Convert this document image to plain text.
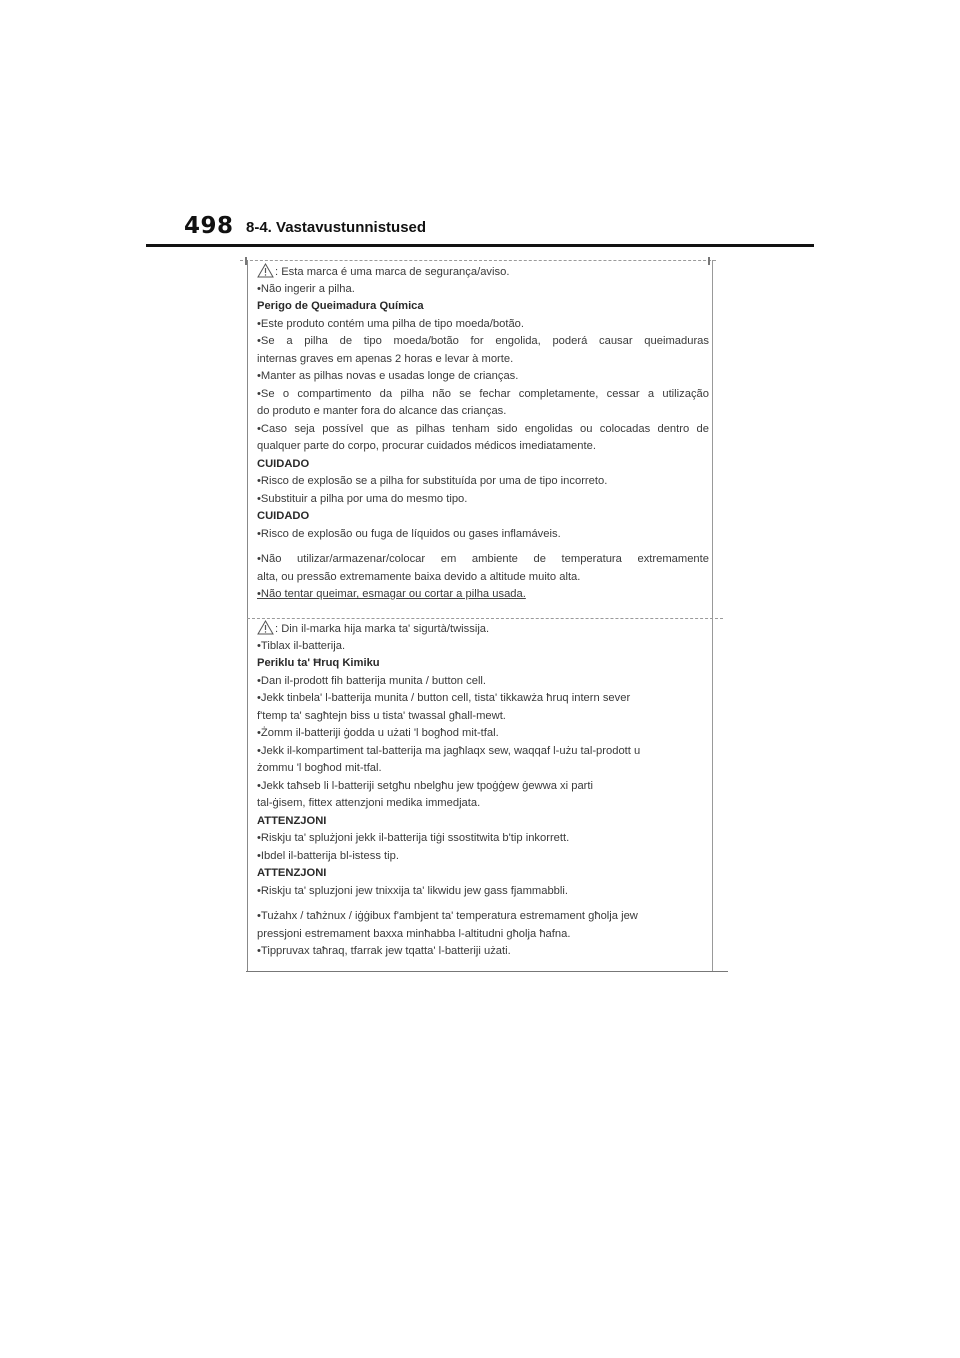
498 8-4. Vastavustunnistused
: Esta marca é uma marca de segurança/aviso.
•Não ingerir a pilha.
Perigo de Queimadura Química
•Este produto contém uma pilha de tipo moeda/botão.
•Se a pilha de tipo moeda/botão for engolida, poderá causar queimaduras
internas graves em apenas 2 horas e levar à morte.
•Manter as pilhas novas e usadas longe de crianças.
•Se o compartimento da pilha não se fechar completamente, cessar a utilização
do produto e manter fora do alcance das crianças.
•Caso seja possível que as pilhas tenham sido engolidas ou colocadas dentro de
qualquer parte do corpo, procurar cuidados médicos imediatamente.
CUIDADO
•Risco de explosão se a pilha for substituída por uma de tipo incorreto.
•Substituir a pilha por uma do mesmo tipo.
CUIDADO
•Risco de explosão ou fuga de líquidos ou gases inflamáveis.
•Não utilizar/armazenar/colocar em ambiente de temperatura extremamente
alta, ou pressão extremamente baixa devido a altitude muito alta.
•Não tentar queimar, esmagar ou cortar a pilha usada.
: Din il-marka hija marka ta' sigurtà/twissija.
•Tiblax il-batterija.
Periklu ta' Ħruq Kimiku
•Dan il-prodott fih batterija munita / button cell.
•Jekk tinbela' l-batterija munita / button cell, tista' tikkawża ħruq intern sever
f'temp ta' sagħtejn biss u tista' twassal għall-mewt.
•Żomm il-batteriji ġodda u użati 'l bogħod mit-tfal.
•Jekk il-kompartiment tal-batterija ma jagħlaqx sew, waqqaf l-użu tal-prodott u
żommu 'l bogħod mit-tfal.
•Jekk taħseb li l-batteriji setgħu nbelgħu jew tpoġġew ġewwa xi parti
tal-ġisem, fittex attenzjoni medika immedjata.
ATTENZJONI
•Riskju ta' splużjoni jekk il-batterija tiġi ssostitwita b'tip inkorrett.
•Ibdel il-batterija bl-istess tip.
ATTENZJONI
•Riskju ta' spluzjoni jew tnixxija ta' likwidu jew gass fjammabbli.
•Tużahx / taħżnux / iġġibux f'ambjent ta' temperatura estremament għolja jew
pressjoni estremament baxxa minħabba l-altitudni għolja ħafna.
•Tippruvax taħraq, tfarrak jew tqatta' l-batteriji użati.
